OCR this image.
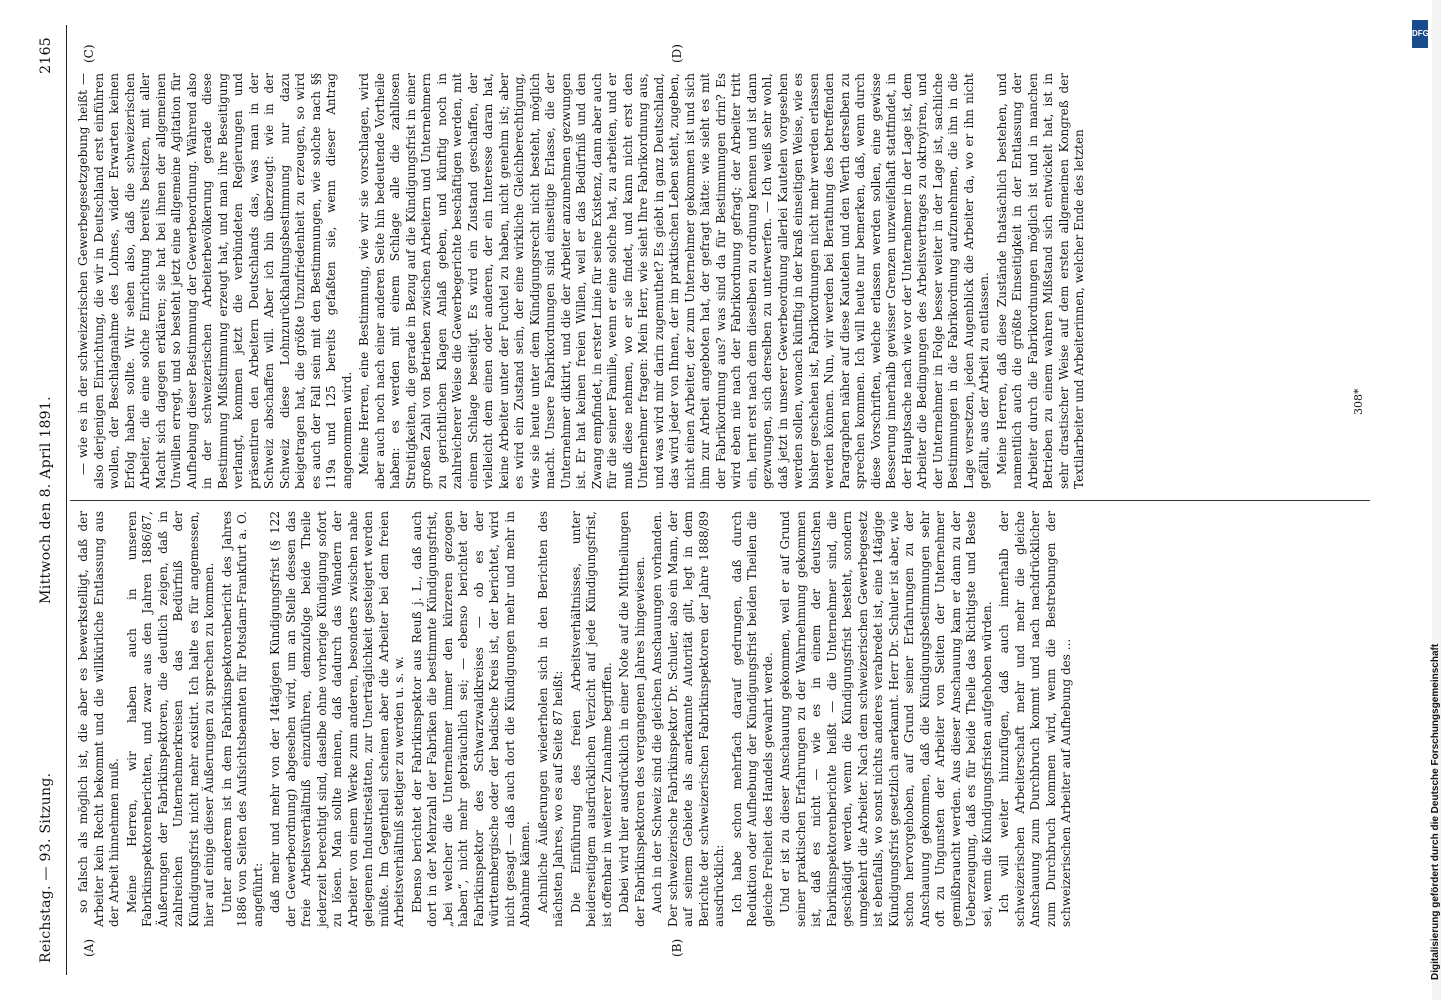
Reichstag. — 93. Sitzung.
Mittwoch den 8. April 1891.
2165
(A)	(B)
(C)	(D)

so falsch als möglich ist, die aber es bewerkstelligt, daß der Arbeiter kein Recht bekommt und die willkürliche Entlassung aus der Arbeit hinnehmen muß. Meine Herren, wir haben auch in unseren Fabrikinspektorenberichten, und zwar aus den Jahren 1886/87, Äußerungen der Fabrikinspektoren, die deutlich zeigen, daß in zahlreichen Unternehmerkreisen das Bedürfniß der Kündigungsfrist nicht mehr existirt. Ich halte es für angemessen, hier auf einige dieser Äußerungen zu sprechen zu kommen. Unter anderem ist in dem Fabrikinspektorenbericht des Jahres 1886 von Seiten des Aufsichtsbeamten für Potsdam-Frankfurt a. O. angeführt: daß mehr und mehr von der 14tägigen Kündigungsfrist (§ 122 der Gewerbeordnung) abgesehen wird, um an Stelle dessen das freie Arbeitsverhältniß einzuführen, demzufolge beide Theile jederzeit berechtigt sind, daselbe ohne vorherige Kündigung sofort zu lösen. Man sollte meinen, daß dadurch das Wandern der Arbeiter von einem Werke zum anderen, besonders zwischen nahe gelegenen Industriestätten, zur Unerträglichkeit gesteigert werden müßte. Im Gegentheil scheinen aber die Arbeiter bei dem freien Arbeitsverhältniß stetiger zu werden u. s. w. Ebenso berichtet der Fabrikinspektor aus Reuß j. L., daß auch dort in der Mehrzahl der Fabriken die bestimmte Kündigungsfrist, „bei welcher die Unternehmer immer den kürzeren gezogen haben“, nicht mehr gebräuchlich sei; — ebenso berichtet der Fabrikinspektor des Schwarzwaldkreises — ob es der württembergische oder der badische Kreis ist, der berichtet, wird nicht gesagt — daß auch dort die Kündigungen mehr und mehr in Abnahme kämen. Achnliche Äußerungen wiederholen sich in den Berichten des nächsten Jahres, wo es auf Seite 87 heißt: Die Einführung des freien Arbeitsverhältnisses, unter beiderseitigem ausdrücklichen Verzicht auf jede Kündigungsfrist, ist offenbar in weiterer Zunahme begriffen. Dabei wird hier ausdrücklich in einer Note auf die Mittheilungen der Fabrikinspektoren des vergangenen Jahres hingewiesen. Auch in der Schweiz sind die gleichen Anschauungen vorhanden. Der schweizerische Fabrikinspektor Dr. Schuler, also ein Mann, der auf seinem Gebiete als anerkannte Autorität gilt, legt in dem Berichte der schweizerischen Fabrikinspektoren der Jahre 1888/89 ausdrücklich: Ich habe schon mehrfach darauf gedrungen, daß durch Reduktion oder Aufhebung der Kündigungsfrist beiden Theilen die gleiche Freiheit des Handels gewahrt werde. Und er ist zu dieser Anschauung gekommen, weil er auf Grund seiner praktischen Erfahrungen zu der Wahrnehmung gekommen ist, daß es nicht — wie es in einem der deutschen Fabrikinspektorenberichte heißt — die Unternehmer sind, die geschädigt werden, wenn die Kündigungsfrist besteht, sondern umgekehrt die Arbeiter. Nach dem schweizerischen Gewerbegesetz ist ebenfalls, wo sonst nichts anderes verabredet ist, eine 14tägige Kündigungsfrist gesetzlich anerkannt. Herr Dr. Schuler ist aber, wie schon hervorgehoben, auf Grund seiner Erfahrungen zu der Anschauung gekommen, daß die Kündigungsbestimmungen sehr oft zu Ungunsten der Arbeiter von Seiten der Unternehmer gemißbraucht werden. Aus dieser Anschauung kam er dann zu der Ueberzeugung, daß es für beide Theile das Richtigste und Beste sei, wenn die Kündigungsfristen aufgehoben würden. Ich will weiter hinzufügen, daß auch innerhalb der schweizerischen Arbeiterschaft mehr und mehr die gleiche Anschauung zum Durchbruch kommt und nach nachdrücklicher zum Durchbruch kommen wird, wenn die Bestrebungen der schweizerischen Arbeiter auf Aufhebung des ...

— wie es in der schweizerischen Gewerbegesetzgebung heißt — also derjenigen Einrichtung, die wir in Deutschland erst einführen wollen, der Beschlagnahme des Lohnes, wider Erwarten keinen Erfolg haben sollte. Wir sehen also, daß die schweizerischen Arbeiter, die eine solche Einrichtung bereits besitzen, mit aller Macht sich dagegen erklären; sie hat bei ihnen der allgemeinen Unwillen erregt, und so besteht jetzt eine allgemeine Agitation für Aufhebung dieser Bestimmung der Gewerbeordnung. Während also in der schweizerischen Arbeiterbevölkerung gerade diese Bestimmung Mißstimmung erzeugt hat, und man ihre Beseitigung verlangt, kommen jetzt die verbündeten Regierungen und präsentiren den Arbeitern Deutschlands das, was man in der Schweiz abschaffen will. Aber ich bin überzeugt: wie in der Schweiz diese Lohnzurückhaltungsbestimmung nur dazu beigetragen hat, die größte Unzufriedenheit zu erzeugen, so wird es auch der Fall sein mit den Bestimmungen, wie solche nach §§ 119a und 125 bereits gefaßten sie, wenn dieser Antrag angenommen wird. Meine Herren, eine Bestimmung, wie wir sie vorschlagen, wird aber auch noch nach einer anderen Seite hin bedeutende Vortheile haben: es werden mit einem Schlage alle die zahllosen Streitigkeiten, die gerade in Bezug auf die Kündigungsfrist in einer großen Zahl von Betrieben zwischen Arbeitern und Unternehmern zu gerichtlichen Klagen Anlaß geben, und künftig noch in zahlreicherer Weise die Gewerbegerichte beschäftigen werden, mit einem Schlage beseitigt. Es wird ein Zustand geschaffen, der vielleicht dem einen oder anderen, der ein Interesse daran hat, keine Arbeiter unter der Fuchtel zu haben, nicht genehm ist; aber es wird ein Zustand sein, der eine wirkliche Gleichberechtigung, wie sie heute unter dem Kündigungsrecht nicht besteht, möglich macht. Unsere Fabrikordnungen sind einseitige Erlasse, die der Unternehmer diktirt, und die der Arbeiter anzunehmen gezwungen ist. Er hat keinen freien Willen, weil er das Bedürfniß und den Zwang empfindet, in erster Linie für seine Existenz, dann aber auch für die seiner Familie, wenn er eine solche hat, zu arbeiten, und er muß diese nehmen, wo er sie findet, und kann nicht erst den Unternehmer fragen: Mein Herr, wie sieht Ihre Fabrikordnung aus, und was wird mir darin zugemuthet? Es giebt in ganz Deutschland, das wird jeder von Ihnen, der im praktischen Leben steht, zugeben, nicht einen Arbeiter, der zum Unternehmer gekommen ist und sich ihm zur Arbeit angeboten hat, der gefragt hätte: wie sieht es mit der Fabrikordnung aus? was sind da für Bestimmungen drin? Es wird eben nie nach der Fabrikordnung gefragt; der Arbeiter tritt ein, lernt erst nach dem dieselben zu ordnung kennen und ist dann gezwungen, sich derselben zu unterwerfen. — Ich weiß sehr wohl, daß jetzt in unserer Gewerbeordnung allerlei Kautelen vorgesehen werden sollen, wonach künftig in der kraß einseitigen Weise, wie es bisher geschehen ist, Fabrikordnungen nicht mehr werden erlassen werden können. Nun, wir werden bei Berathung des betreffenden Paragraphen näher auf diese Kautelen und den Werth derselben zu sprechen kommen. Ich will heute nur bemerken, daß, wenn durch diese Vorschriften, welche erlassen werden sollen, eine gewisse Besserung innerhalb gewisser Grenzen unzweifelhaft stattfindet, in der Hauptsache nach wie vor der Unternehmer in der Lage ist, dem Arbeiter die Bedingungen des Arbeitsvertrages zu oktroyiren, und der Unternehmer in Folge besser weiter in der Lage ist, sachliche Bestimmungen in die Fabrikordnung aufzunehmen, die ihn in die Lage versetzen, jeden Augenblick die Arbeiter da, wo er ihn nicht gefällt, aus der Arbeit zu entlassen. Meine Herren, daß diese Zustände thatsächlich bestehen, und namentlich auch die größte Einseitigkeit in der Entlassung der Arbeiter durch die Fabrikordnungen möglich ist und in manchen Betrieben zu einem wahren Mißstand sich entwickelt hat, ist in sehr drastischer Weise auf dem ersten allgemeinen Kongreß der Textilarbeiter und Arbeiterinnen, welcher Ende des letzten	308*
DFG
Digitalisierung gefördert durch die Deutsche Forschungsgemeinschaft
